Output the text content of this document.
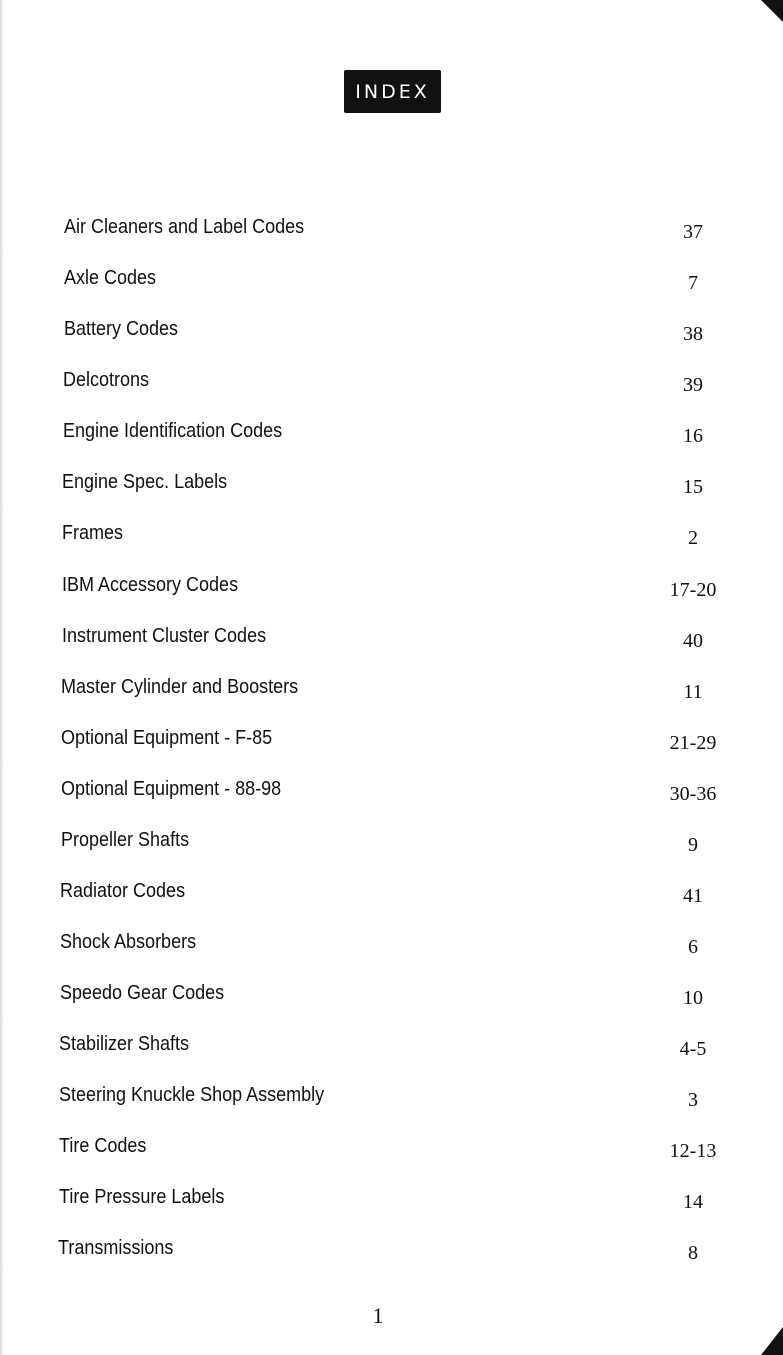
INDEX
Air Cleaners and Label Codes	37
Axle Codes	7
Battery Codes	38
Delcotrons	39
Engine Identification Codes	16
Engine Spec. Labels	15
Frames	2
IBM Accessory Codes	17-20
Instrument Cluster Codes	40
Master Cylinder and Boosters	11
Optional Equipment - F-85	21-29
Optional Equipment - 88-98	30-36
Propeller Shafts	9
Radiator Codes	41
Shock Absorbers	6
Speedo Gear Codes	10
Stabilizer Shafts	4-5
Steering Knuckle Shop Assembly	3
Tire Codes	12-13
Tire Pressure Labels	14
Transmissions	8
1
